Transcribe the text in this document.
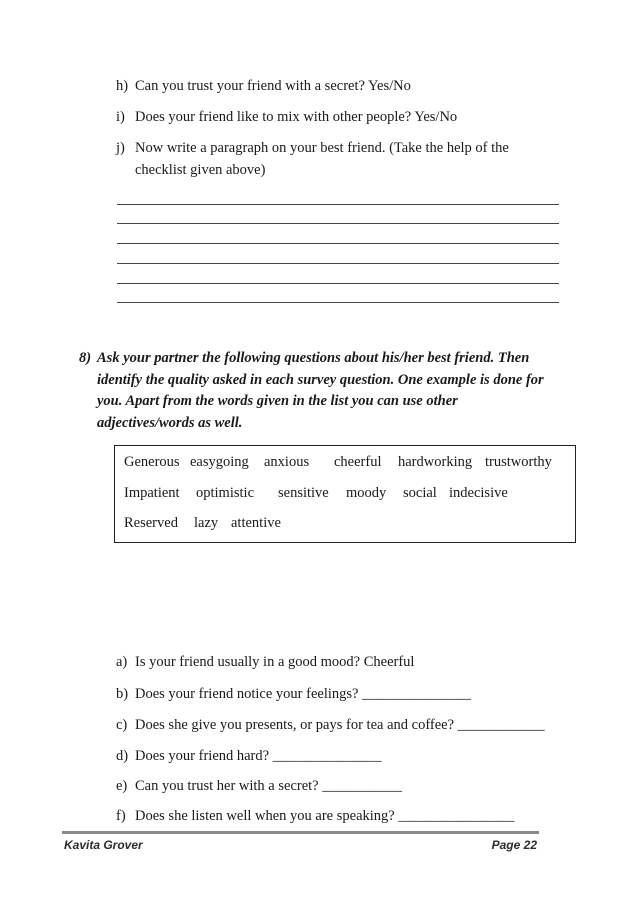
h) Can you trust your friend with a secret? Yes/No
i) Does your friend like to mix with other people? Yes/No
j) Now write a paragraph on your best friend. (Take the help of the
checklist given above)
8) Ask your partner the following questions about his/her best friend. Then
identify the quality asked in each survey question. One example is done for
you. Apart from the words given in the list you can use other
adjectives/words as well.
Generous easygoing anxious cheerful hardworking trustworthy
Impatient optimistic sensitive moody social indecisive
Reserved lazy attentive
a) Is your friend usually in a good mood? Cheerful
b) Does your friend notice your feelings? _______________
c) Does she give you presents, or pays for tea and coffee? ____________
d) Does your friend hard? _______________
e) Can you trust her with a secret? ___________
f) Does she listen well when you are speaking? ________________
Kavita Grover	Page 22
